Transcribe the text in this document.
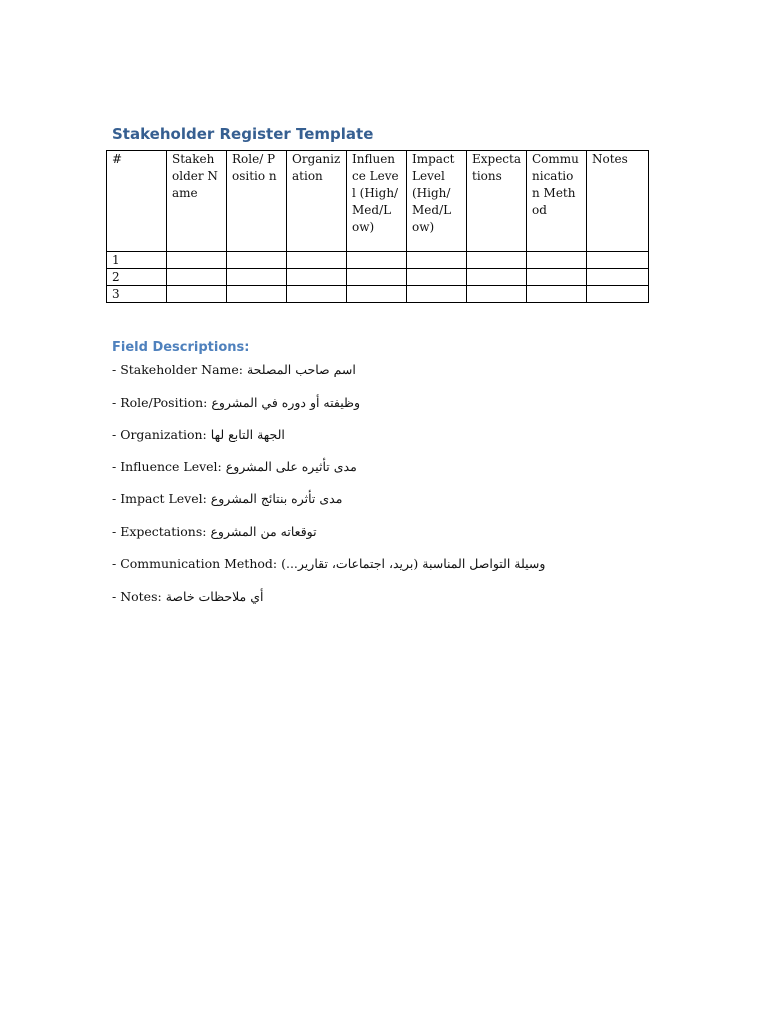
Stakeholder Register Template
#	Stakeh older Name	Role/ Positio n	Organiz ation	Influen ce Level (High/ Med/L ow)	Impact Level (High/ Med/L ow)	Expecta tions	Commu nicatio n Method	Notes
1								
2								
3								
Field Descriptions:
- Stakeholder Name: اسم صاحب المصلحة
- Role/Position: وظيفته أو دوره في المشروع
- Organization: الجهة التابع لها
- Influence Level: مدى تأثيره على المشروع
- Impact Level: مدى تأثره بنتائج المشروع
- Expectations: توقعاته من المشروع
- Communication Method: وسيلة التواصل المناسبة (بريد، اجتماعات، تقارير...)
- Notes: أي ملاحظات خاصة
